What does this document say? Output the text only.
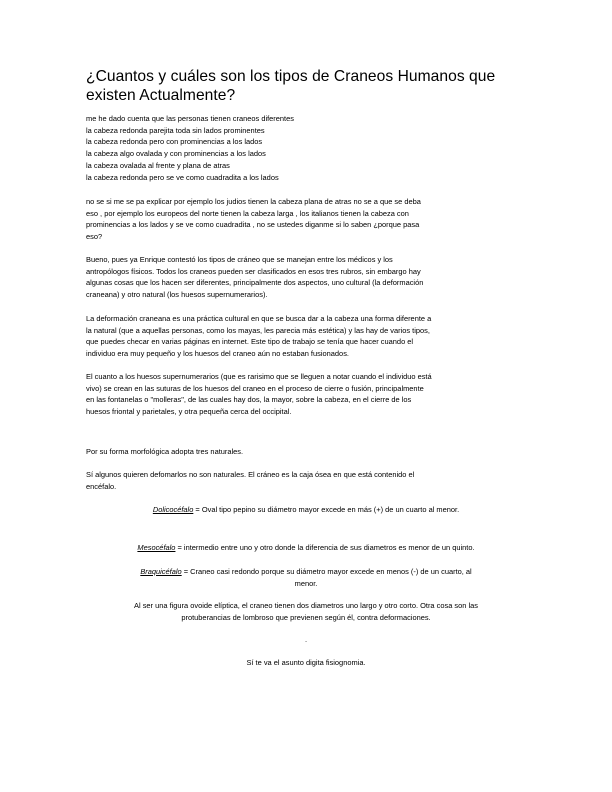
¿Cuantos y cuáles son los tipos de Craneos Humanos que existen Actualmente?
me he dado cuenta que las personas tienen craneos diferentes
la cabeza redonda parejita toda sin lados prominentes
la cabeza redonda pero con prominencias a los lados
la cabeza algo ovalada y con prominencias a los lados
la cabeza ovalada al frente y plana de atras
la cabeza redonda pero se ve como cuadradita a los lados
no se si me se pa explicar por ejemplo los judios tienen la cabeza plana de atras no se a que se deba
eso , por ejemplo los europeos del norte tienen la cabeza larga , los italianos tienen la cabeza con
prominencias a los lados y se ve como cuadradita , no se ustedes diganme si lo saben ¿porque pasa
eso?
Bueno, pues ya Enrique contestó los tipos de cráneo que se manejan entre los médicos y los
antropólogos físicos. Todos los craneos pueden ser clasificados en esos tres rubros, sin embargo hay
algunas cosas que los hacen ser diferentes, principalmente dos aspectos, uno cultural (la deformación
craneana) y otro natural (los huesos supernumerarios).
La deformación craneana es una práctica cultural en que se busca dar a la cabeza una forma diferente a
la natural (que a aquellas personas, como los mayas, les parecia más estética) y las hay de varios tipos,
que puedes checar en varias páginas en internet. Este tipo de trabajo se tenía que hacer cuando el
individuo era muy pequeño y los huesos del craneo aún no estaban fusionados.
El cuanto a los huesos supernumerarios (que es rarisimo que se lleguen a notar cuando el individuo está
vivo) se crean en las suturas de los huesos del craneo en el proceso de cierre o fusión, principalmente
en las fontanelas o "molleras", de las cuales hay dos, la mayor, sobre la cabeza, en el cierre de los
huesos friontal y parietales, y otra pequeña cerca del occipital.
Por su forma morfológica adopta tres naturales.
Sí algunos quieren defomarlos no son naturales. El cráneo es la caja ósea en que está contenido el
encéfalo.
Dolicocéfalo = Oval tipo pepino su diámetro mayor excede en más (+) de un cuarto al menor.
Mesocéfalo = intermedio entre uno y otro donde la diferencia de sus diametros es menor de un quinto.
Braquicéfalo = Craneo casi redondo porque su diámetro mayor excede en menos (-) de un cuarto, al
menor.
Al ser una figura ovoide elíptica, el craneo tienen dos diametros uno largo y otro corto. Otra cosa son las
protuberancias de lombroso que previenen según él, contra deformaciones.
.
Sí te va el asunto digita fisiognomia.
